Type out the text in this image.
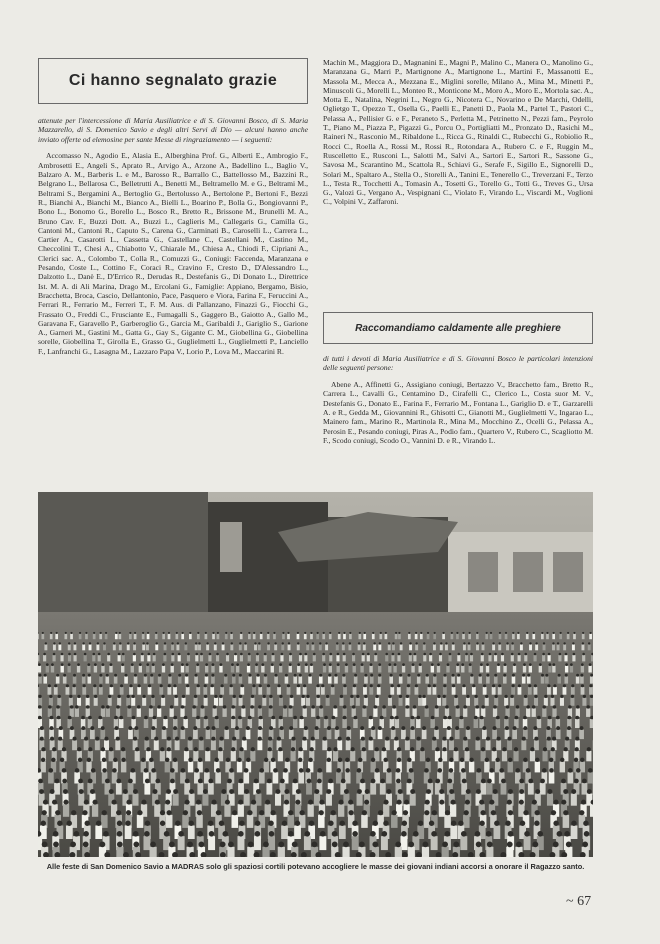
Ci hanno segnalato grazie

attenute per l'intercessione di Maria Ausiliatrice e di S. Giovanni Bosco, di S. Maria Mazzarello, di S. Domenico Savio e degli altri Servi di Dio — alcuni hanno anche inviato offerte od elemosine per sante Messe di ringraziamento — i seguenti:

Accomasso N., Agodio E., Alasia E., Alberghina Prof. G., Alberti E., Ambrogio F., Ambrosetti E., Angeli S., Aprato R., Arvigo A., Arzone A., Badellino L., Baglio V., Balzaro A. M., Barberis L. e M., Barosso R., Barrallo C., Battellosso M., Bazzini R., Belgrano L., Bellarosa C., Belletrutti A., Benetti M., Beltramello M. e G., Beltrami M., Beltrami S., Bergamini A., Bertoglio G., Bertolusso A., Bertolone P., Bertoni F., Bezzi R., Bianchi A., Bianchi M., Bianco A., Bielli L., Boarino P., Bolla G., Bongiovanni P., Bono L., Bonomo G., Borello L., Bosco R., Bretto R., Brissone M., Brunelli M. A., Bruno Cav. F., Buzzi Dott. A., Buzzi L., Caglieris M., Callegaris G., Camilla G., Cantoni M., Cantoni R., Caputo S., Carena G., Carminati B., Caroselli L., Carrera L., Cartier A., Casarotti L., Cassetta G., Castellane C., Castellani M., Castino M., Checcolini T., Chesi A., Chiabotto V., Chiarale M., Chiesa A., Chiodi F., Cipriani A., Clerici sac. A., Colombo T., Colla R., Comuzzi G., Coniugi: Faccenda, Maranzana e Pesando, Coste L., Cottino F., Coraci R., Cravino F., Cresto D., D'Alessandro L., Dalzotto L., Danè E., D'Errico R., Derudas R., Destefanis G., Di Donato L., Direttrice Ist. M. A. di Ali Marina, Drago M., Ercolani G., Famiglie: Appiano, Bergamo, Bisio, Bracchetta, Broca, Cascio, Dellantonio, Pace, Pasquero e Viora, Farina F., Feruccini A., Ferrari R., Ferrario M., Ferreri T., F. M. Aus. di Pallanzano, Finazzi G., Fiocchi G., Frassato O., Freddi C., Frusciante E., Fumagalli S., Gaggero B., Gaiotto A., Gallo M., Garavana F., Garavello P., Garberoglio G., Garcia M., Garibaldi J., Gariglio S., Garione A., Garneri M., Gastini M., Gatta G., Gay S., Gigante C. M., Giobellina G., Giobellina sorelle, Giobellina T., Girolla E., Grasso G., Guglielmetti L., Guglielmetti P., Lanciello F., Lanfranchi G., Lasagna M., Lazzaro Papa V., Lorio P., Lova M., Maccarini R.

Machin M., Maggiora D., Magnanini E., Magni P., Malino C., Manera O., Manolino G., Maranzana G., Marri P., Martignone A., Martignone L., Martini F., Massanotti E., Massola M., Mecca A., Mezzana E., Miglini sorelle, Milano A., Mina M., Minetti P., Minuscoli G., Morelli L., Monteo R., Monticone M., Moro A., Moro E., Mortola sac. A., Motta E., Natalina, Negrini L., Negro G., Nicotera C., Novarino e De Marchi, Odelli, Oglietgo T., Opezzo T., Osella G., Paelli E., Panetti D., Paola M., Partel T., Pastori C., Pelassa A., Pellisier G. e F., Peraneto S., Perletta M., Petrinetto N., Pezzi fam., Peyrolo T., Piano M., Piazza P., Pigazzi G., Porcu O., Portigliatti M., Pronzato D., Rasichi M., Raineri N., Rasconio M., Ribaldone L., Ricca G., Rinaldi C., Rubecchi G., Robiolio R., Rocci C., Roella A., Rossi M., Rossi R., Rotondara A., Rubero C. e F., Ruggin M., Ruscelletto E., Rusconi L., Salotti M., Salvi A., Sartori E., Sartori R., Sassone G., Savosa M., Scarantino M., Scattola R., Schiavi G., Serafe F., Sigillo E., Signorelli D., Solari M., Spaltaro A., Stella O., Storelli A., Tanini E., Tenerello C., Treverzani F., Terzo L., Testa R., Tocchetti A., Tomasin A., Tosetti G., Torello G., Totti G., Treves G., Ursa G., Valozi G., Vergano A., Vespignani C., Violato F., Virando L., Viscardi M., Voglioni C., Volpini V., Zaffaroni.

Raccomandiamo caldamente alle preghiere

di tutti i devoti di Maria Ausiliatrice e di S. Giovanni Bosco le particolari intenzioni delle seguenti persone:

Abene A., Affinetti G., Assigiano coniugi, Bertazzo V., Bracchetto fam., Bretto R., Carrera L., Cavalli G., Centamino D., Cirafelli C., Clerico L., Costa suor M. V., Destefanis G., Donato E., Farina F., Ferrario M., Fontana L., Gariglio D. e T., Garzarelli A. e R., Gedda M., Giovannini R., Ghisotti C., Gianotti M., Guglielmetti V., Ingarao L., Mainero fam., Marino R., Martinola R., Mina M., Mocchino Z., Ocelli G., Pelassa A., Perosin E., Pesando coniugi, Piras A., Podio fam., Quartero V., Rubero C., Scagliotto M. F., Scodo coniugi, Scodo O., Vannini D. e R., Virando L.

Alle feste di San Domenico Savio a MADRAS solo gli spaziosi cortili potevano accogliere le masse dei giovani indiani accorsi a onorare il Ragazzo santo.
~ 67
